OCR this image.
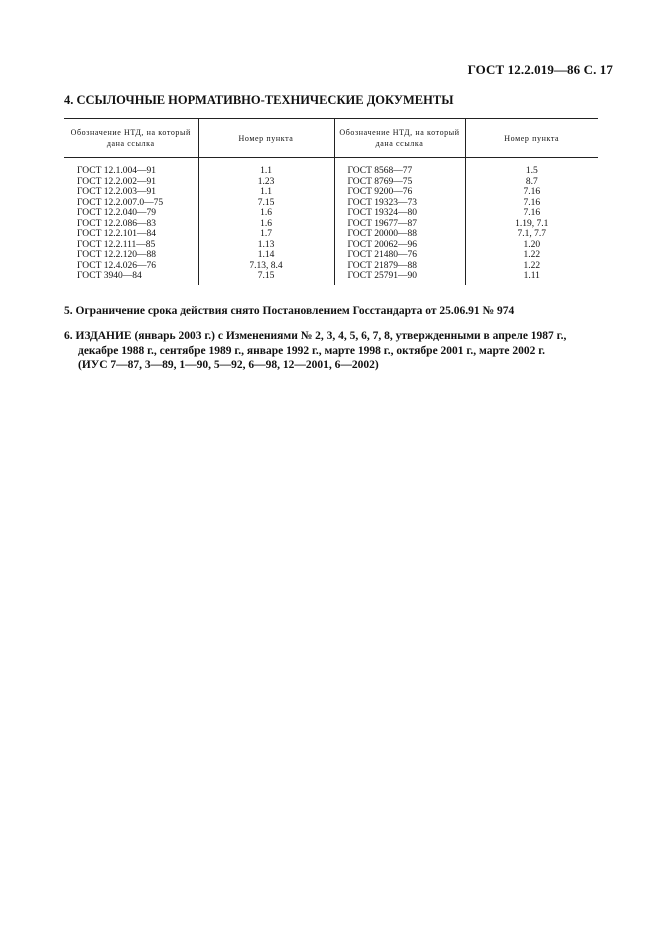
ГОСТ 12.2.019—86 С. 17
4. ССЫЛОЧНЫЕ НОРМАТИВНО-ТЕХНИЧЕСКИЕ ДОКУМЕНТЫ
Обозначение НТД, на который дана ссылка	Номер пункта	Обозначение НТД, на который дана ссылка	Номер пункта

ГОСТ 12.1.004—91	1.1	ГОСТ 8568—77	1.5
ГОСТ 12.2.002—91	1.23	ГОСТ 8769—75	8.7
ГОСТ 12.2.003—91	1.1	ГОСТ 9200—76	7.16
ГОСТ 12.2.007.0—75	7.15	ГОСТ 19323—73	7.16
ГОСТ 12.2.040—79	1.6	ГОСТ 19324—80	7.16
ГОСТ 12.2.086—83	1.6	ГОСТ 19677—87	1.19, 7.1
ГОСТ 12.2.101—84	1.7	ГОСТ 20000—88	7.1, 7.7
ГОСТ 12.2.111—85	1.13	ГОСТ 20062—96	1.20
ГОСТ 12.2.120—88	1.14	ГОСТ 21480—76	1.22
ГОСТ 12.4.026—76	7.13, 8.4	ГОСТ 21879—88	1.22
ГОСТ 3940—84	7.15	ГОСТ 25791—90	1.11

5. Ограничение срока действия снято Постановлением Госстандарта от 25.06.91 № 974
6. ИЗДАНИЕ (январь 2003 г.) с Изменениями № 2, 3, 4, 5, 6, 7, 8, утвержденными в апреле 1987 г.,
декабре 1988 г., сентябре 1989 г., январе 1992 г., марте 1998 г., октябре 2001 г., марте 2002 г.
(ИУС 7—87, 3—89, 1—90, 5—92, 6—98, 12—2001, 6—2002)
